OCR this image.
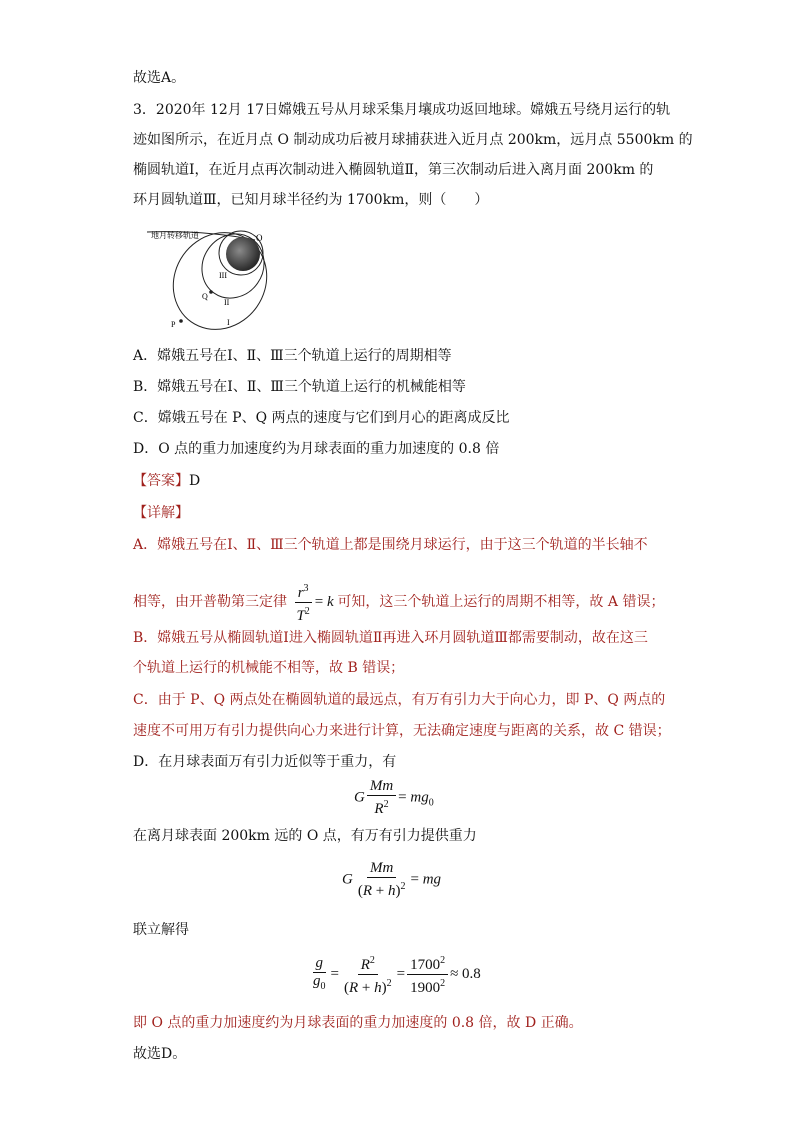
故选A。
3．2020年 12月 17日嫦娥五号从月球采集月壤成功返回地球。嫦娥五号绕月运行的轨
迹如图所示，在近月点 O 制动成功后被月球捕获进入近月点 200km，远月点 5500km 的
椭圆轨道Ⅰ，在近月点再次制动进入椭圆轨道Ⅱ，第三次制动后进入离月面 200km 的
环月圆轨道Ⅲ，已知月球半径约为 1700km，则（　　）
地月转移轨道	O
III
Q
II
P	I
A．嫦娥五号在Ⅰ、Ⅱ、Ⅲ三个轨道上运行的周期相等
B．嫦娥五号在Ⅰ、Ⅱ、Ⅲ三个轨道上运行的机械能相等
C．嫦娥五号在 P、Q 两点的速度与它们到月心的距离成反比
D．O 点的重力加速度约为月球表面的重力加速度的 0.8 倍
【答案】D
【详解】
A．嫦娥五号在Ⅰ、Ⅱ、Ⅲ三个轨道上都是围绕月球运行，由于这三个轨道的半长轴不
相等，由开普勒第三定律 $\frac{r^3}{T^2} = k$ 可知，这三个轨道上运行的周期不相等，故 A 错误；
B．嫦娥五号从椭圆轨道Ⅰ进入椭圆轨道Ⅱ再进入环月圆轨道Ⅲ都需要制动，故在这三
个轨道上运行的机械能不相等，故 B 错误；
C．由于 P、Q 两点处在椭圆轨道的最远点，有万有引力大于向心力，即 P、Q 两点的
速度不可用万有引力提供向心力来进行计算，无法确定速度与距离的关系，故 C 错误；
D．在月球表面万有引力近似等于重力，有
G $\frac{Mm}{R^2} = mg_0$
在离月球表面 200km 远的 O 点，有万有引力提供重力
G $\frac{Mm}{(R + h)^2}$ = mg
联立解得
$\frac{g}{g_0} = \frac{R^2}{(R + h)^2} = \frac{1700^2}{1900^2} \approx 0.8$
即 O 点的重力加速度约为月球表面的重力加速度的 0.8 倍，故 D 正确。
故选D。
